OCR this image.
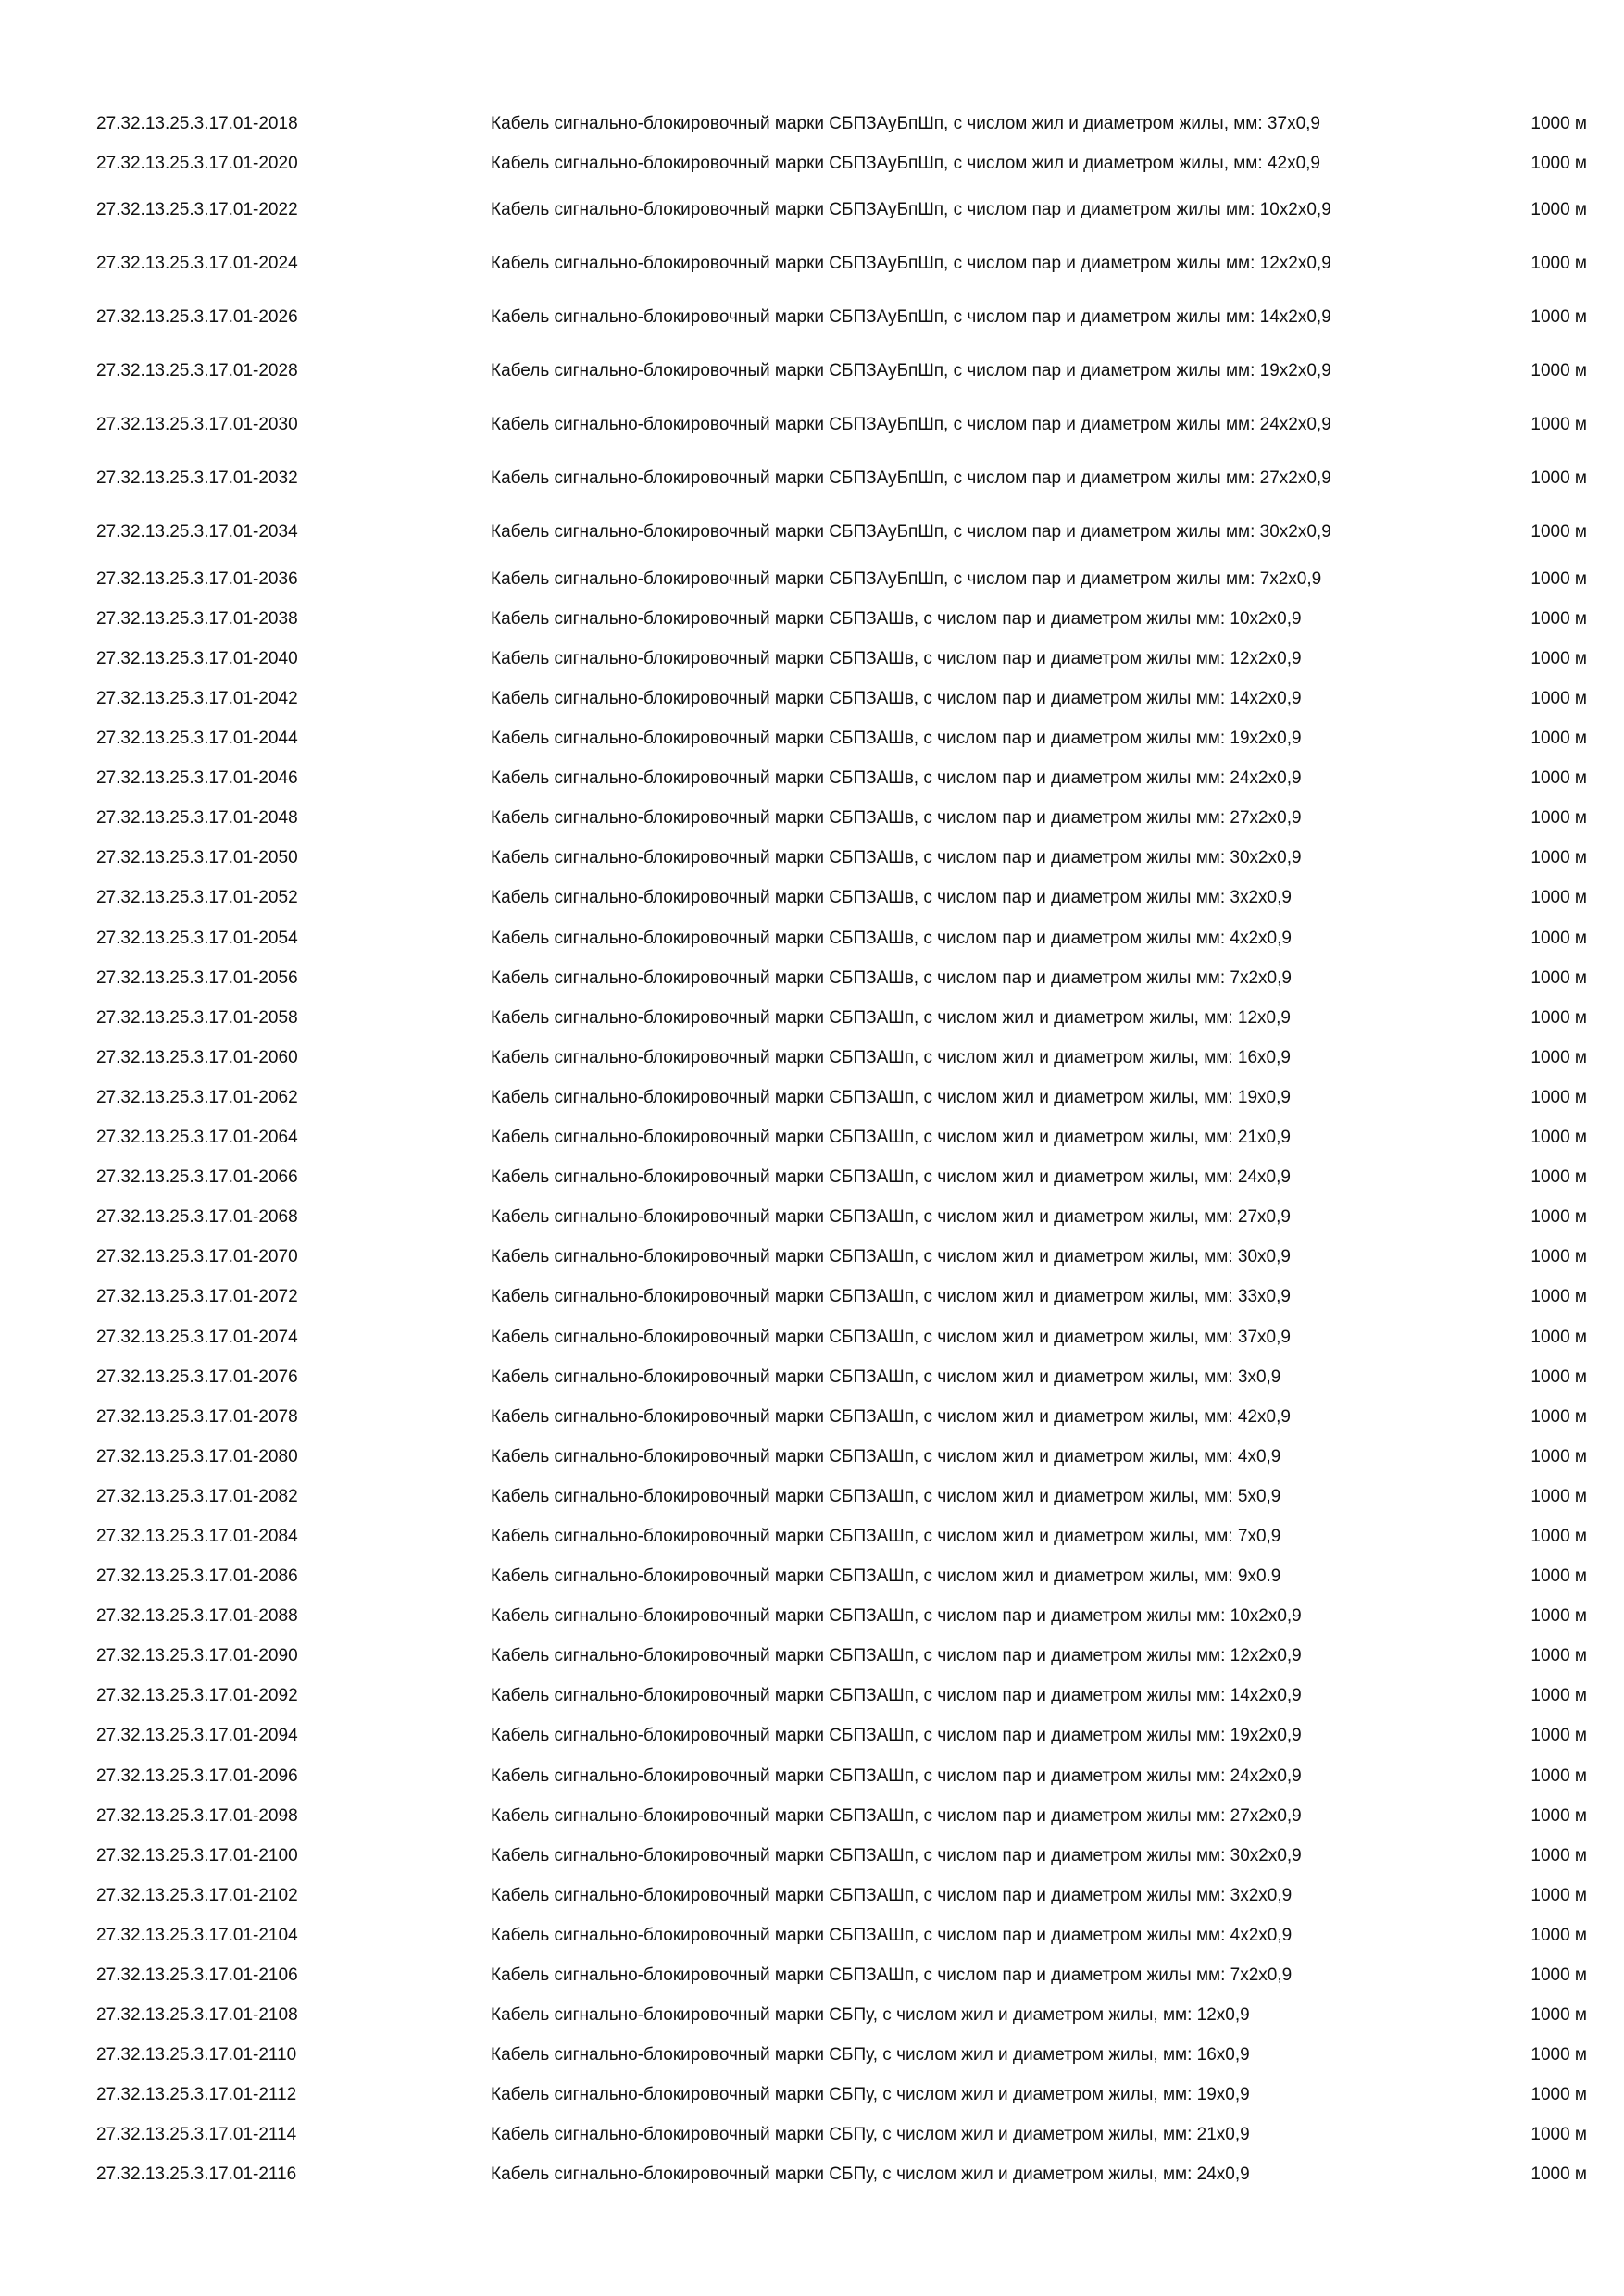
27.32.13.25.3.17.01-2018	Кабель сигнально-блокировочный марки СБПЗАуБпШп, с числом жил и диаметром жилы, мм: 37х0,9	1000 м
27.32.13.25.3.17.01-2020	Кабель сигнально-блокировочный марки СБПЗАуБпШп, с числом жил и диаметром жилы, мм: 42х0,9	1000 м
27.32.13.25.3.17.01-2022	Кабель сигнально-блокировочный марки СБПЗАуБпШп, с числом пар и диаметром жилы мм: 10х2х0,9	1000 м
27.32.13.25.3.17.01-2024	Кабель сигнально-блокировочный марки СБПЗАуБпШп, с числом пар и диаметром жилы мм: 12х2х0,9	1000 м
27.32.13.25.3.17.01-2026	Кабель сигнально-блокировочный марки СБПЗАуБпШп, с числом пар и диаметром жилы мм: 14х2х0,9	1000 м
27.32.13.25.3.17.01-2028	Кабель сигнально-блокировочный марки СБПЗАуБпШп, с числом пар и диаметром жилы мм: 19х2х0,9	1000 м
27.32.13.25.3.17.01-2030	Кабель сигнально-блокировочный марки СБПЗАуБпШп, с числом пар и диаметром жилы мм: 24х2х0,9	1000 м
27.32.13.25.3.17.01-2032	Кабель сигнально-блокировочный марки СБПЗАуБпШп, с числом пар и диаметром жилы мм: 27х2х0,9	1000 м
27.32.13.25.3.17.01-2034	Кабель сигнально-блокировочный марки СБПЗАуБпШп, с числом пар и диаметром жилы мм: 30х2х0,9	1000 м
27.32.13.25.3.17.01-2036	Кабель сигнально-блокировочный марки СБПЗАуБпШп, с числом пар и диаметром жилы мм: 7х2х0,9	1000 м
27.32.13.25.3.17.01-2038	Кабель сигнально-блокировочный марки СБПЗАШв, с числом пар и диаметром жилы мм: 10х2х0,9	1000 м
27.32.13.25.3.17.01-2040	Кабель сигнально-блокировочный марки СБПЗАШв, с числом пар и диаметром жилы мм: 12х2х0,9	1000 м
27.32.13.25.3.17.01-2042	Кабель сигнально-блокировочный марки СБПЗАШв, с числом пар и диаметром жилы мм: 14х2х0,9	1000 м
27.32.13.25.3.17.01-2044	Кабель сигнально-блокировочный марки СБПЗАШв, с числом пар и диаметром жилы мм: 19х2х0,9	1000 м
27.32.13.25.3.17.01-2046	Кабель сигнально-блокировочный марки СБПЗАШв, с числом пар и диаметром жилы мм: 24х2х0,9	1000 м
27.32.13.25.3.17.01-2048	Кабель сигнально-блокировочный марки СБПЗАШв, с числом пар и диаметром жилы мм: 27х2х0,9	1000 м
27.32.13.25.3.17.01-2050	Кабель сигнально-блокировочный марки СБПЗАШв, с числом пар и диаметром жилы мм: 30х2х0,9	1000 м
27.32.13.25.3.17.01-2052	Кабель сигнально-блокировочный марки СБПЗАШв, с числом пар и диаметром жилы мм: 3х2х0,9	1000 м
27.32.13.25.3.17.01-2054	Кабель сигнально-блокировочный марки СБПЗАШв, с числом пар и диаметром жилы мм: 4х2х0,9	1000 м
27.32.13.25.3.17.01-2056	Кабель сигнально-блокировочный марки СБПЗАШв, с числом пар и диаметром жилы мм: 7х2х0,9	1000 м
27.32.13.25.3.17.01-2058	Кабель сигнально-блокировочный марки СБПЗАШп, с числом жил и диаметром жилы, мм: 12х0,9	1000 м
27.32.13.25.3.17.01-2060	Кабель сигнально-блокировочный марки СБПЗАШп, с числом жил и диаметром жилы, мм: 16х0,9	1000 м
27.32.13.25.3.17.01-2062	Кабель сигнально-блокировочный марки СБПЗАШп, с числом жил и диаметром жилы, мм: 19х0,9	1000 м
27.32.13.25.3.17.01-2064	Кабель сигнально-блокировочный марки СБПЗАШп, с числом жил и диаметром жилы, мм: 21х0,9	1000 м
27.32.13.25.3.17.01-2066	Кабель сигнально-блокировочный марки СБПЗАШп, с числом жил и диаметром жилы, мм: 24х0,9	1000 м
27.32.13.25.3.17.01-2068	Кабель сигнально-блокировочный марки СБПЗАШп, с числом жил и диаметром жилы, мм: 27х0,9	1000 м
27.32.13.25.3.17.01-2070	Кабель сигнально-блокировочный марки СБПЗАШп, с числом жил и диаметром жилы, мм: 30х0,9	1000 м
27.32.13.25.3.17.01-2072	Кабель сигнально-блокировочный марки СБПЗАШп, с числом жил и диаметром жилы, мм: 33х0,9	1000 м
27.32.13.25.3.17.01-2074	Кабель сигнально-блокировочный марки СБПЗАШп, с числом жил и диаметром жилы, мм: 37х0,9	1000 м
27.32.13.25.3.17.01-2076	Кабель сигнально-блокировочный марки СБПЗАШп, с числом жил и диаметром жилы, мм: 3х0,9	1000 м
27.32.13.25.3.17.01-2078	Кабель сигнально-блокировочный марки СБПЗАШп, с числом жил и диаметром жилы, мм: 42х0,9	1000 м
27.32.13.25.3.17.01-2080	Кабель сигнально-блокировочный марки СБПЗАШп, с числом жил и диаметром жилы, мм: 4х0,9	1000 м
27.32.13.25.3.17.01-2082	Кабель сигнально-блокировочный марки СБПЗАШп, с числом жил и диаметром жилы, мм: 5х0,9	1000 м
27.32.13.25.3.17.01-2084	Кабель сигнально-блокировочный марки СБПЗАШп, с числом жил и диаметром жилы, мм: 7х0,9	1000 м
27.32.13.25.3.17.01-2086	Кабель сигнально-блокировочный марки СБПЗАШп, с числом жил и диаметром жилы, мм: 9х0.9	1000 м
27.32.13.25.3.17.01-2088	Кабель сигнально-блокировочный марки СБПЗАШп, с числом пар и диаметром жилы мм: 10х2х0,9	1000 м
27.32.13.25.3.17.01-2090	Кабель сигнально-блокировочный марки СБПЗАШп, с числом пар и диаметром жилы мм: 12х2х0,9	1000 м
27.32.13.25.3.17.01-2092	Кабель сигнально-блокировочный марки СБПЗАШп, с числом пар и диаметром жилы мм: 14х2х0,9	1000 м
27.32.13.25.3.17.01-2094	Кабель сигнально-блокировочный марки СБПЗАШп, с числом пар и диаметром жилы мм: 19х2х0,9	1000 м
27.32.13.25.3.17.01-2096	Кабель сигнально-блокировочный марки СБПЗАШп, с числом пар и диаметром жилы мм: 24х2х0,9	1000 м
27.32.13.25.3.17.01-2098	Кабель сигнально-блокировочный марки СБПЗАШп, с числом пар и диаметром жилы мм: 27х2х0,9	1000 м
27.32.13.25.3.17.01-2100	Кабель сигнально-блокировочный марки СБПЗАШп, с числом пар и диаметром жилы мм: 30х2х0,9	1000 м
27.32.13.25.3.17.01-2102	Кабель сигнально-блокировочный марки СБПЗАШп, с числом пар и диаметром жилы мм: 3х2х0,9	1000 м
27.32.13.25.3.17.01-2104	Кабель сигнально-блокировочный марки СБПЗАШп, с числом пар и диаметром жилы мм: 4х2х0,9	1000 м
27.32.13.25.3.17.01-2106	Кабель сигнально-блокировочный марки СБПЗАШп, с числом пар и диаметром жилы мм: 7х2х0,9	1000 м
27.32.13.25.3.17.01-2108	Кабель сигнально-блокировочный марки СБПу, с числом жил и диаметром жилы, мм: 12х0,9	1000 м
27.32.13.25.3.17.01-2110	Кабель сигнально-блокировочный марки СБПу, с числом жил и диаметром жилы, мм: 16х0,9	1000 м
27.32.13.25.3.17.01-2112	Кабель сигнально-блокировочный марки СБПу, с числом жил и диаметром жилы, мм: 19х0,9	1000 м
27.32.13.25.3.17.01-2114	Кабель сигнально-блокировочный марки СБПу, с числом жил и диаметром жилы, мм: 21х0,9	1000 м
27.32.13.25.3.17.01-2116	Кабель сигнально-блокировочный марки СБПу, с числом жил и диаметром жилы, мм: 24х0,9	1000 м
